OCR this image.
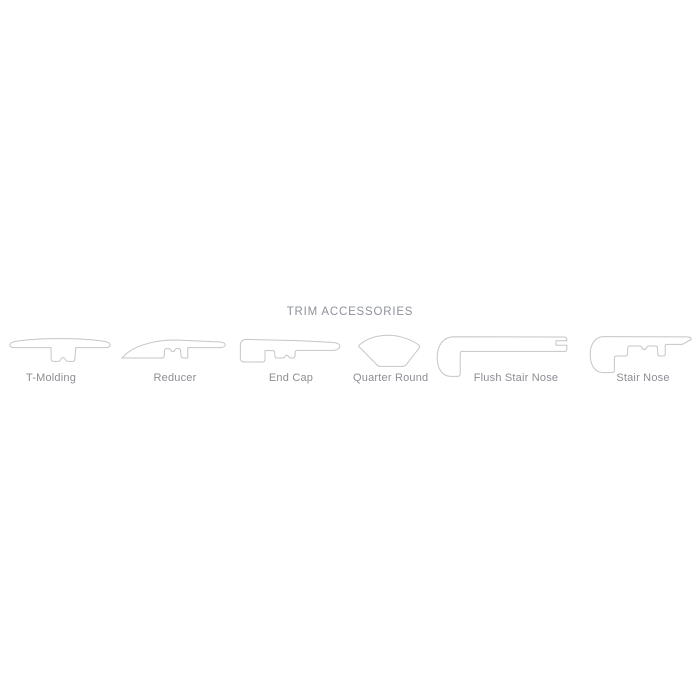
TRIM ACCESSORIES
T-Molding	Reducer	End Cap	Quarter Round	Flush Stair Nose	Stair Nose
